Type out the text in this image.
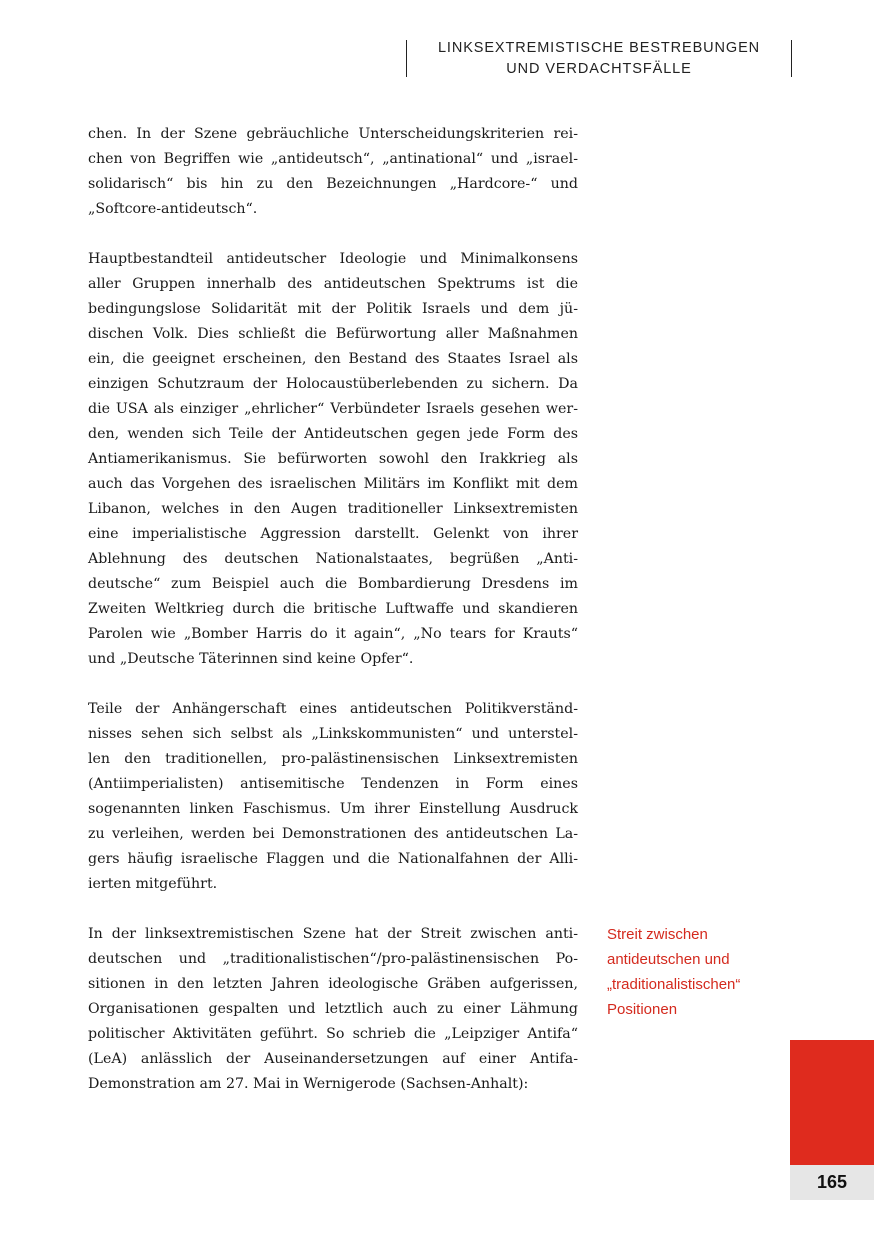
LINKSEXTREMISTISCHE BESTREBUNGEN
UND VERDACHTSFÄLLE
chen. In der Szene gebräuchliche Unterscheidungskriterien rei-
chen von Begriffen wie „antideutsch“, „antinational“ und „israel-
solidarisch“ bis hin zu den Bezeichnungen „Hardcore-“ und
„Softcore-antideutsch“.
Hauptbestandteil antideutscher Ideologie und Minimalkonsens
aller Gruppen innerhalb des antideutschen Spektrums ist die
bedingungslose Solidarität mit der Politik Israels und dem jü-
dischen Volk. Dies schließt die Befürwortung aller Maßnahmen
ein, die geeignet erscheinen, den Bestand des Staates Israel als
einzigen Schutzraum der Holocaustüberlebenden zu sichern. Da
die USA als einziger „ehrlicher“ Verbündeter Israels gesehen wer-
den, wenden sich Teile der Antideutschen gegen jede Form des
Antiamerikanismus. Sie befürworten sowohl den Irakkrieg als
auch das Vorgehen des israelischen Militärs im Konflikt mit dem
Libanon, welches in den Augen traditioneller Linksextremisten
eine imperialistische Aggression darstellt. Gelenkt von ihrer
Ablehnung des deutschen Nationalstaates, begrüßen „Anti-
deutsche“ zum Beispiel auch die Bombardierung Dresdens im
Zweiten Weltkrieg durch die britische Luftwaffe und skandieren
Parolen wie „Bomber Harris do it again“, „No tears for Krauts“
und „Deutsche Täterinnen sind keine Opfer“.
Teile der Anhängerschaft eines antideutschen Politikverständ-
nisses sehen sich selbst als „Linkskommunisten“ und unterstel-
len den traditionellen, pro-palästinensischen Linksextremisten
(Antiimperialisten) antisemitische Tendenzen in Form eines
sogenannten linken Faschismus. Um ihrer Einstellung Ausdruck
zu verleihen, werden bei Demonstrationen des antideutschen La-
gers häufig israelische Flaggen und die Nationalfahnen der Alli-
ierten mitgeführt.
In der linksextremistischen Szene hat der Streit zwischen anti-
deutschen und „traditionalistischen“/pro-palästinensischen Po-
sitionen in den letzten Jahren ideologische Gräben aufgerissen,
Organisationen gespalten und letztlich auch zu einer Lähmung
politischer Aktivitäten geführt. So schrieb die „Leipziger Antifa“
(LeA) anlässlich der Auseinandersetzungen auf einer Antifa-
Demonstration am 27. Mai in Wernigerode (Sachsen-Anhalt):
Streit zwischen
antideutschen und
„traditionalistischen“
Positionen
165
